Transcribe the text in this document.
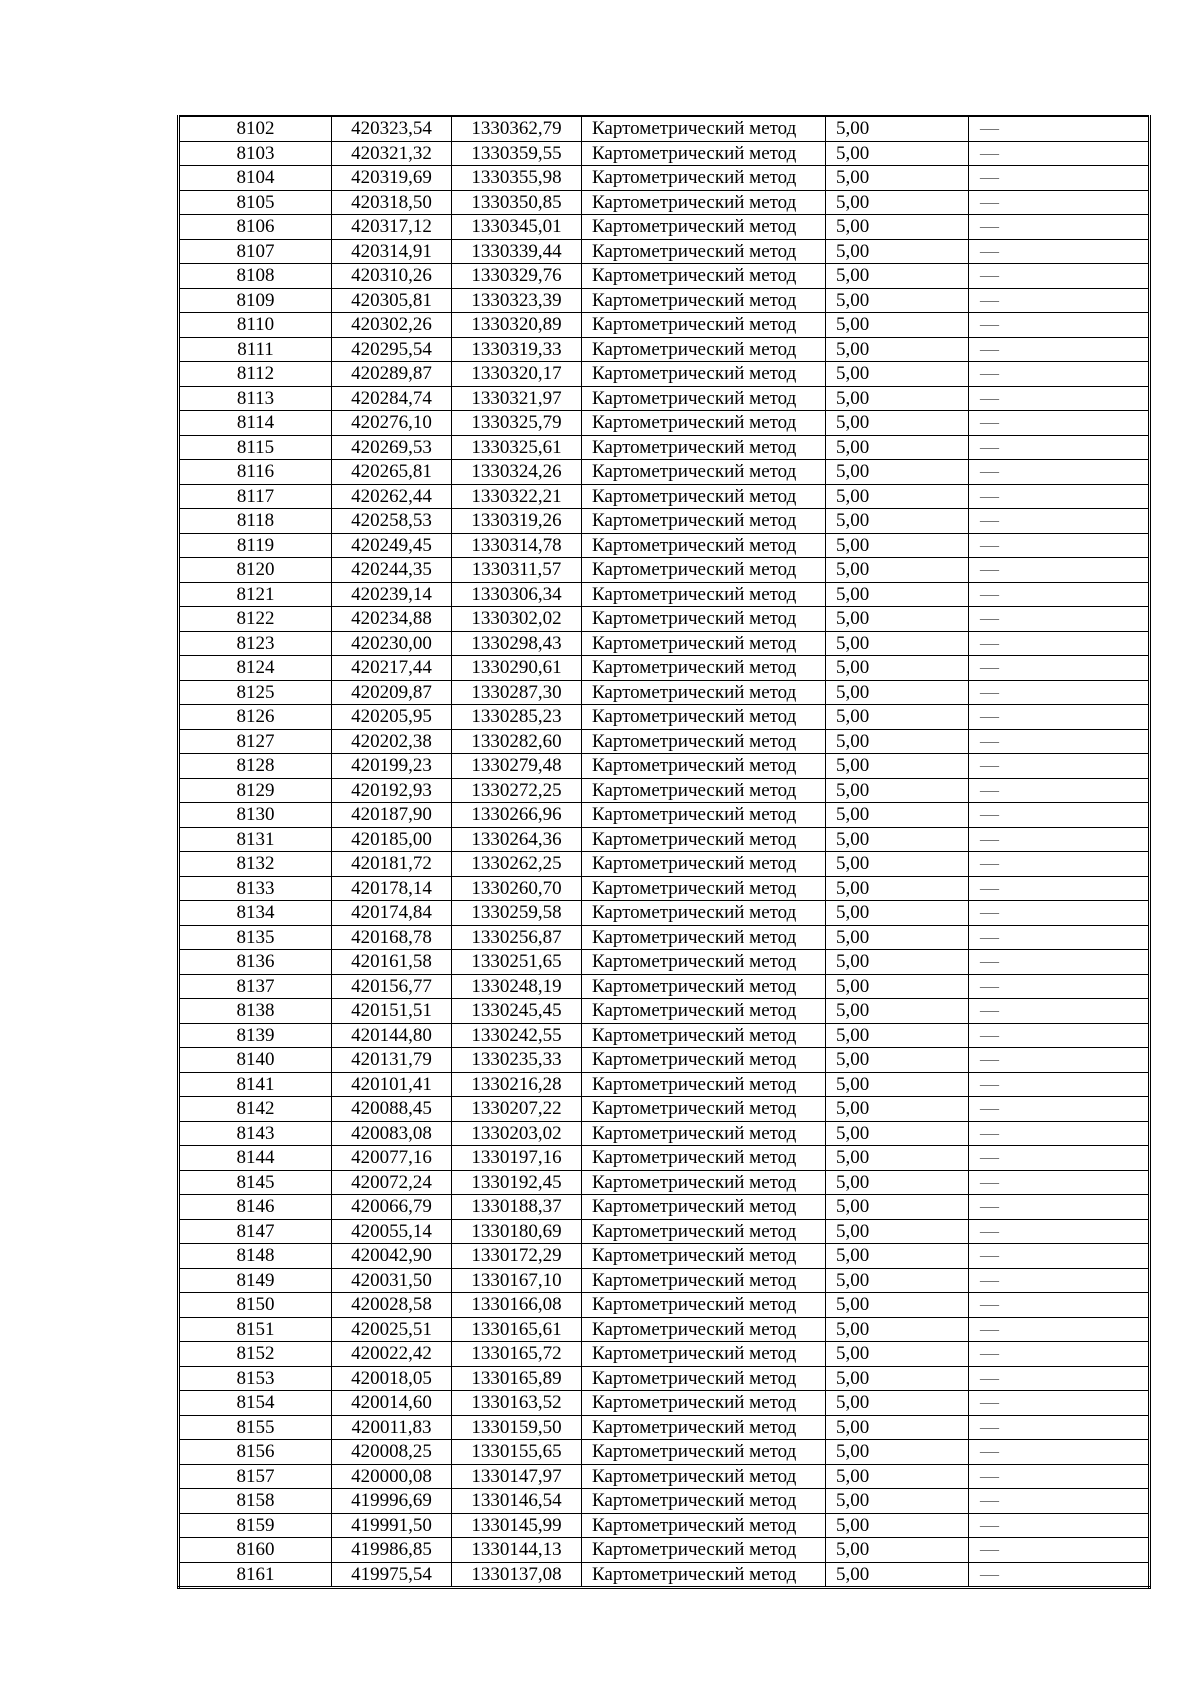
8102	420323,54	1330362,79	Картометрический метод	5,00	—
8103	420321,32	1330359,55	Картометрический метод	5,00	—
8104	420319,69	1330355,98	Картометрический метод	5,00	—
8105	420318,50	1330350,85	Картометрический метод	5,00	—
8106	420317,12	1330345,01	Картометрический метод	5,00	—
8107	420314,91	1330339,44	Картометрический метод	5,00	—
8108	420310,26	1330329,76	Картометрический метод	5,00	—
8109	420305,81	1330323,39	Картометрический метод	5,00	—
8110	420302,26	1330320,89	Картометрический метод	5,00	—
8111	420295,54	1330319,33	Картометрический метод	5,00	—
8112	420289,87	1330320,17	Картометрический метод	5,00	—
8113	420284,74	1330321,97	Картометрический метод	5,00	—
8114	420276,10	1330325,79	Картометрический метод	5,00	—
8115	420269,53	1330325,61	Картометрический метод	5,00	—
8116	420265,81	1330324,26	Картометрический метод	5,00	—
8117	420262,44	1330322,21	Картометрический метод	5,00	—
8118	420258,53	1330319,26	Картометрический метод	5,00	—
8119	420249,45	1330314,78	Картометрический метод	5,00	—
8120	420244,35	1330311,57	Картометрический метод	5,00	—
8121	420239,14	1330306,34	Картометрический метод	5,00	—
8122	420234,88	1330302,02	Картометрический метод	5,00	—
8123	420230,00	1330298,43	Картометрический метод	5,00	—
8124	420217,44	1330290,61	Картометрический метод	5,00	—
8125	420209,87	1330287,30	Картометрический метод	5,00	—
8126	420205,95	1330285,23	Картометрический метод	5,00	—
8127	420202,38	1330282,60	Картометрический метод	5,00	—
8128	420199,23	1330279,48	Картометрический метод	5,00	—
8129	420192,93	1330272,25	Картометрический метод	5,00	—
8130	420187,90	1330266,96	Картометрический метод	5,00	—
8131	420185,00	1330264,36	Картометрический метод	5,00	—
8132	420181,72	1330262,25	Картометрический метод	5,00	—
8133	420178,14	1330260,70	Картометрический метод	5,00	—
8134	420174,84	1330259,58	Картометрический метод	5,00	—
8135	420168,78	1330256,87	Картометрический метод	5,00	—
8136	420161,58	1330251,65	Картометрический метод	5,00	—
8137	420156,77	1330248,19	Картометрический метод	5,00	—
8138	420151,51	1330245,45	Картометрический метод	5,00	—
8139	420144,80	1330242,55	Картометрический метод	5,00	—
8140	420131,79	1330235,33	Картометрический метод	5,00	—
8141	420101,41	1330216,28	Картометрический метод	5,00	—
8142	420088,45	1330207,22	Картометрический метод	5,00	—
8143	420083,08	1330203,02	Картометрический метод	5,00	—
8144	420077,16	1330197,16	Картометрический метод	5,00	—
8145	420072,24	1330192,45	Картометрический метод	5,00	—
8146	420066,79	1330188,37	Картометрический метод	5,00	—
8147	420055,14	1330180,69	Картометрический метод	5,00	—
8148	420042,90	1330172,29	Картометрический метод	5,00	—
8149	420031,50	1330167,10	Картометрический метод	5,00	—
8150	420028,58	1330166,08	Картометрический метод	5,00	—
8151	420025,51	1330165,61	Картометрический метод	5,00	—
8152	420022,42	1330165,72	Картометрический метод	5,00	—
8153	420018,05	1330165,89	Картометрический метод	5,00	—
8154	420014,60	1330163,52	Картометрический метод	5,00	—
8155	420011,83	1330159,50	Картометрический метод	5,00	—
8156	420008,25	1330155,65	Картометрический метод	5,00	—
8157	420000,08	1330147,97	Картометрический метод	5,00	—
8158	419996,69	1330146,54	Картометрический метод	5,00	—
8159	419991,50	1330145,99	Картометрический метод	5,00	—
8160	419986,85	1330144,13	Картометрический метод	5,00	—
8161	419975,54	1330137,08	Картометрический метод	5,00	—
